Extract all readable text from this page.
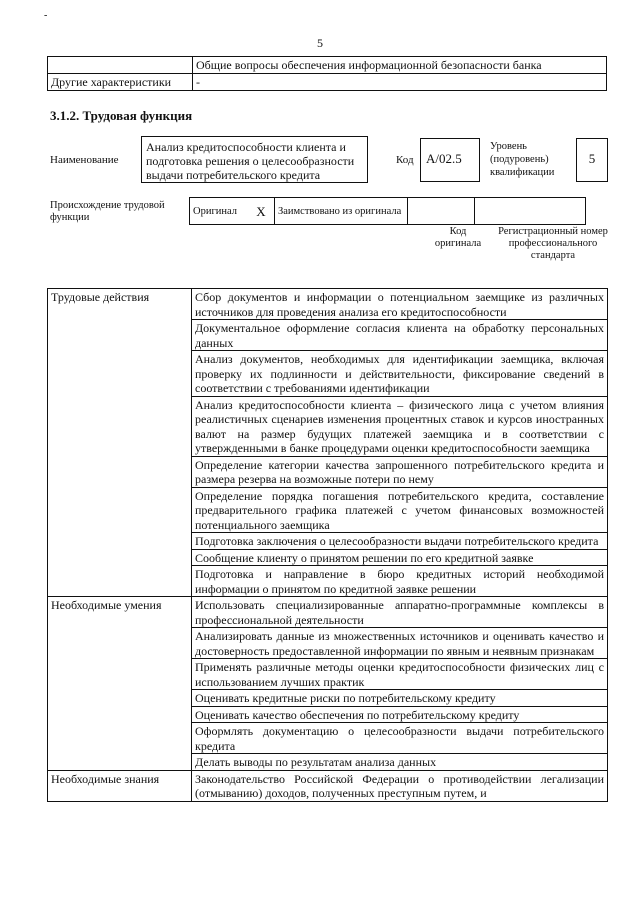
-
5
	Общие вопросы обеспечения информационной безопасности банка
Другие характеристики	-
3.1.2. Трудовая функция
Наименование
Анализ кредитоспособности клиента и подготовка решения о целесообразности выдачи потребительского кредита
Код A/02.5
Уровень (подуровень) квалификации
5
Происхождение трудовой функции
Оригинал	X	Заимствовано из оригинала		
Код оригинала
Регистрационный номер профессионального стандарта
Трудовые действия	Сбор документов и информации о потенциальном заемщике из различных источников для проведения анализа его кредитоспособности
	Документальное оформление согласия клиента на обработку персональных данных
	Анализ документов, необходимых для идентификации заемщика, включая проверку их подлинности и действительности, фиксирование сведений в соответствии с требованиями идентификации
	Анализ кредитоспособности клиента – физического лица с учетом влияния реалистичных сценариев изменения процентных ставок и курсов иностранных валют на размер будущих платежей заемщика и в соответствии с утвержденными в банке процедурами оценки кредитоспособности заемщика
	Определение категории качества запрошенного потребительского кредита и размера резерва на возможные потери по нему
	Определение порядка погашения потребительского кредита, составление предварительного графика платежей с учетом финансовых возможностей потенциального заемщика
	Подготовка заключения о целесообразности выдачи потребительского кредита
	Сообщение клиенту о принятом решении по его кредитной заявке
	Подготовка и направление в бюро кредитных историй необходимой информации о принятом по кредитной заявке решении
Необходимые умения	Использовать специализированные аппаратно-программные комплексы в профессиональной деятельности
	Анализировать данные из множественных источников и оценивать качество и достоверность предоставленной информации по явным и неявным признакам
	Применять различные методы оценки кредитоспособности физических лиц с использованием лучших практик
	Оценивать кредитные риски по потребительскому кредиту
	Оценивать качество обеспечения по потребительскому кредиту
	Оформлять документацию о целесообразности выдачи потребительского кредита
	Делать выводы по результатам анализа данных
Необходимые знания	Законодательство Российской Федерации о противодействии легализации (отмыванию) доходов, полученных преступным путем, и
